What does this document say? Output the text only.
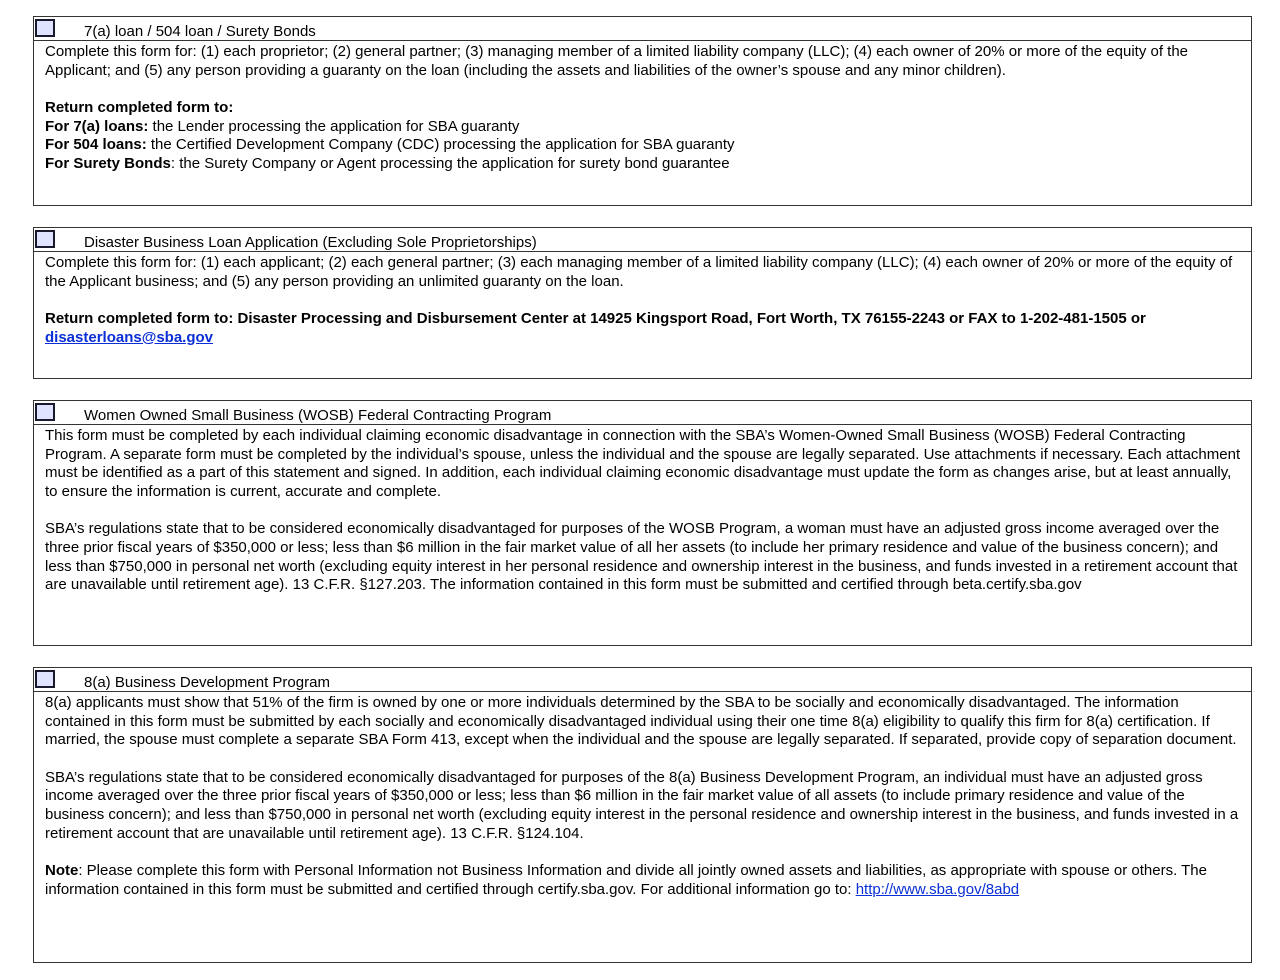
7(a) loan / 504 loan / Surety Bonds

Complete this form for: (1) each proprietor; (2) general partner; (3) managing member of a limited liability company (LLC); (4) each owner of 20% or more of the equity of the Applicant; and (5) any person providing a guaranty on the loan (including the assets and liabilities of the owner’s spouse and any minor children).

Return completed form to:

For 7(a) loans: the Lender processing the application for SBA guaranty

For 504 loans: the Certified Development Company (CDC) processing the application for SBA guaranty

For Surety Bonds: the Surety Company or Agent processing the application for surety bond guarantee

Disaster Business Loan Application (Excluding Sole Proprietorships)

Complete this form for: (1) each applicant; (2) each general partner; (3) each managing member of a limited liability company (LLC); (4) each owner of 20% or more of the equity of the Applicant business; and (5) any person providing an unlimited guaranty on the loan.

Return completed form to: Disaster Processing and Disbursement Center at 14925 Kingsport Road, Fort Worth, TX 76155-2243 or FAX to 1-202-481-1505 or disasterloans@sba.gov

Women Owned Small Business (WOSB) Federal Contracting Program

This form must be completed by each individual claiming economic disadvantage in connection with the SBA’s Women-Owned Small Business (WOSB) Federal Contracting Program. A separate form must be completed by the individual’s spouse, unless the individual and the spouse are legally separated. Use attachments if necessary. Each attachment must be identified as a part of this statement and signed. In addition, each individual claiming economic disadvantage must update the form as changes arise, but at least annually, to ensure the information is current, accurate and complete.

SBA’s regulations state that to be considered economically disadvantaged for purposes of the WOSB Program, a woman must have an adjusted gross income averaged over the three prior fiscal years of $350,000 or less; less than $6 million in the fair market value of all her assets (to include her primary residence and value of the business concern); and less than $750,000 in personal net worth (excluding equity interest in her personal residence and ownership interest in the business, and funds invested in a retirement account that are unavailable until retirement age). 13 C.F.R. §127.203. The information contained in this form must be submitted and certified through beta.certify.sba.gov

8(a) Business Development Program

8(a) applicants must show that 51% of the firm is owned by one or more individuals determined by the SBA to be socially and economically disadvantaged. The information contained in this form must be submitted by each socially and economically disadvantaged individual using their one time 8(a) eligibility to qualify this firm for 8(a) certification. If married, the spouse must complete a separate SBA Form 413, except when the individual and the spouse are legally separated. If separated, provide copy of separation document.

SBA’s regulations state that to be considered economically disadvantaged for purposes of the 8(a) Business Development Program, an individual must have an adjusted gross income averaged over the three prior fiscal years of $350,000 or less; less than $6 million in the fair market value of all assets (to include primary residence and value of the business concern); and less than $750,000 in personal net worth (excluding equity interest in the personal residence and ownership interest in the business, and funds invested in a retirement account that are unavailable until retirement age). 13 C.F.R. §124.104.

Note: Please complete this form with Personal Information not Business Information and divide all jointly owned assets and liabilities, as appropriate with spouse or others. The information contained in this form must be submitted and certified through certify.sba.gov. For additional information go to: http://www.sba.gov/8abd
